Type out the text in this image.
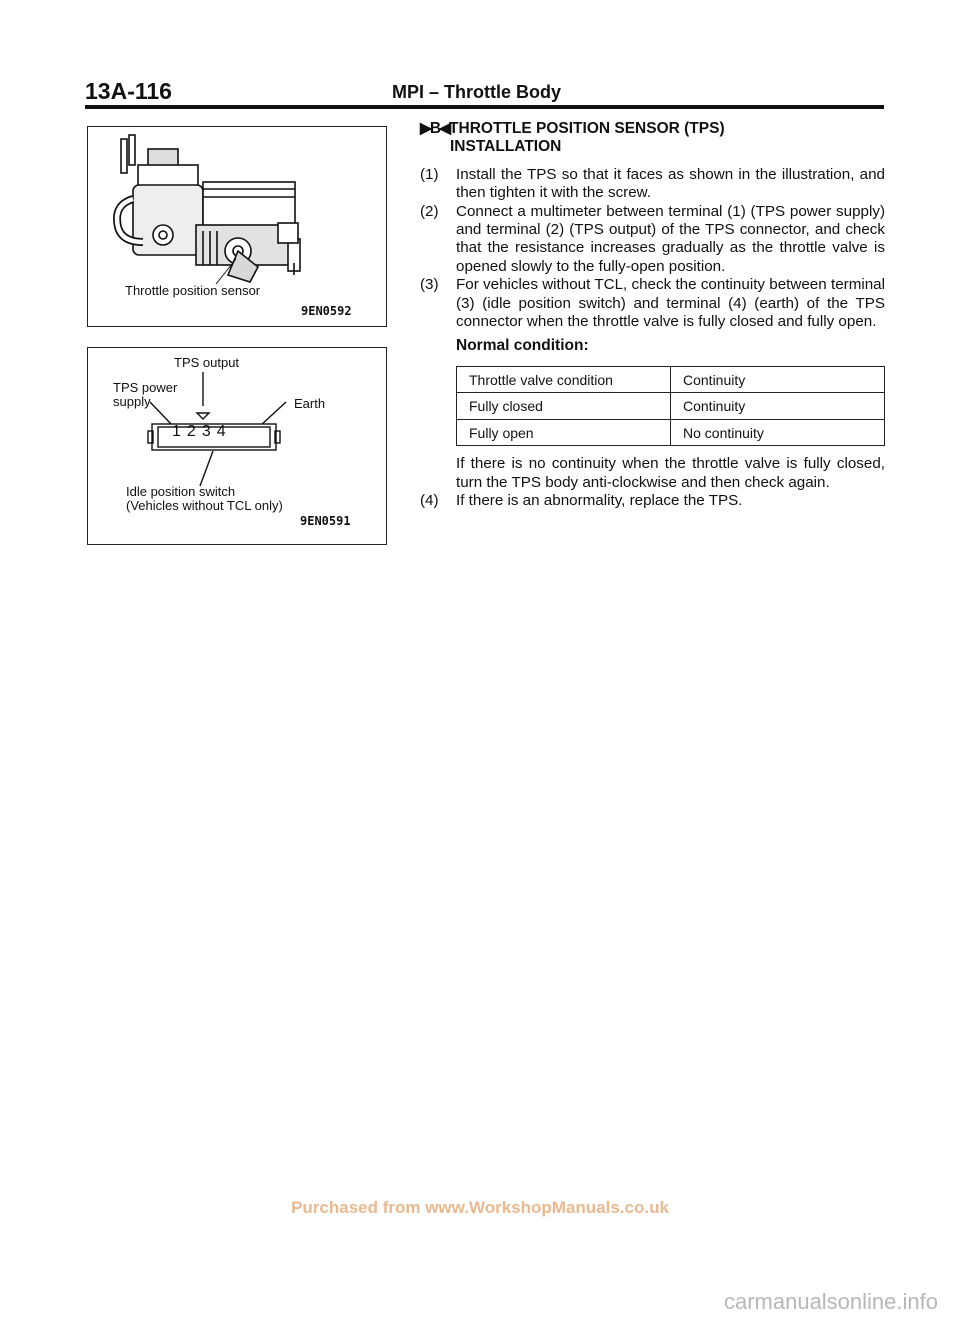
13A-116	MPI – Throttle Body
Throttle position sensor
9EN0592
TPS output
TPS power
supply	Earth
1234
Idle position switch
(Vehicles without TCL only)
9EN0591
▶B◀THROTTLE POSITION SENSOR (TPS)
INSTALLATION
(1)	Install the TPS so that it faces as shown in the illustration, and then tighten it with the screw.
(2)	Connect a multimeter between terminal (1) (TPS power supply) and terminal (2) (TPS output) of the TPS connector, and check that the resistance increases gradually as the throttle valve is opened slowly to the fully-open position.
(3)	For vehicles without TCL, check the continuity between terminal (3) (idle position switch) and terminal (4) (earth) of the TPS connector when the throttle valve is fully closed and fully open.
Normal condition:
Throttle valve condition	Continuity
Fully closed	Continuity
Fully open	No continuity
If there is no continuity when the throttle valve is fully closed, turn the TPS body anti-clockwise and then check again.
(4)	If there is an abnormality, replace the TPS.
Purchased from www.WorkshopManuals.co.uk
carmanualsonline.info
